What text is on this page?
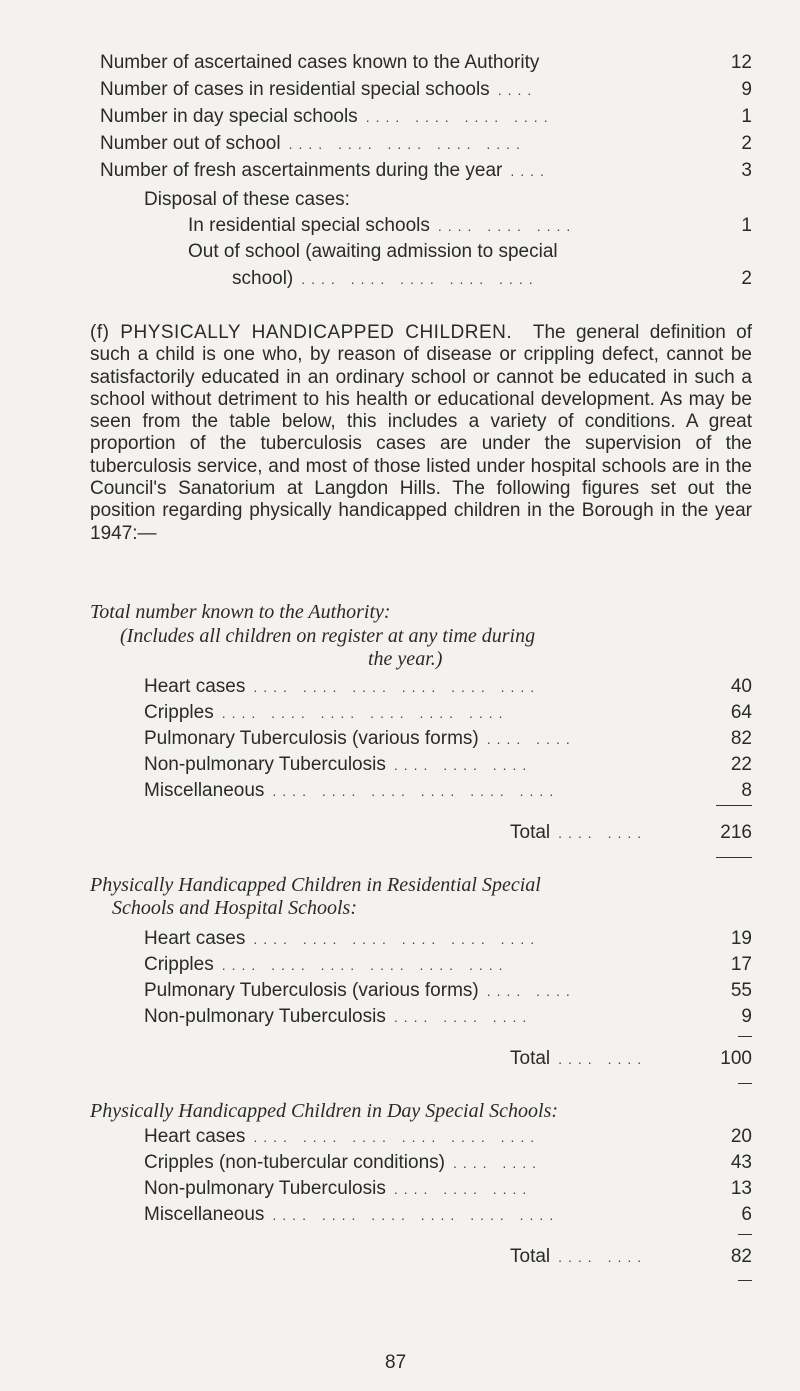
Number of ascertained cases known to the Authority	12
Number of cases in residential special schools ....	9
Number in day special schools .... .... .... ....	1
Number out of school .... .... .... .... ....	2
Number of fresh ascertainments during the year ....	3
Disposal of these cases:
In residential special schools .... .... ....	1
Out of school (awaiting admission to special
school) .... .... .... .... ....	2
(f) PHYSICALLY HANDICAPPED CHILDREN. The general definition of such a child is one who, by reason of disease or crippling defect, cannot be satisfactorily educated in an ordinary school or cannot be educated in such a school without detriment to his health or educational development. As may be seen from the table below, this includes a variety of conditions. A great proportion of the tuberculosis cases are under the supervision of the tuberculosis service, and most of those listed under hospital schools are in the Council's Sanatorium at Langdon Hills. The following figures set out the position regarding physically handicapped children in the Borough in the year 1947:—
Total number known to the Authority:
(Includes all children on register at any time during
the year.)
Heart cases .... .... .... .... .... ....	40
Cripples .... .... .... .... .... ....	64
Pulmonary Tuberculosis (various forms) .... ....	82
Non-pulmonary Tuberculosis .... .... ....	22
Miscellaneous .... .... .... .... .... ....	8
Total .... ....	216
Physically Handicapped Children in Residential Special
Schools and Hospital Schools:
Heart cases .... .... .... .... .... ....	19
Cripples .... .... .... .... .... ....	17
Pulmonary Tuberculosis (various forms) .... ....	55
Non-pulmonary Tuberculosis .... .... ....	9
Total .... ....	100
Physically Handicapped Children in Day Special Schools:
Heart cases .... .... .... .... .... ....	20
Cripples (non-tubercular conditions) .... ....	43
Non-pulmonary Tuberculosis .... .... ....	13
Miscellaneous .... .... .... .... .... ....	6
Total .... ....	82
87
